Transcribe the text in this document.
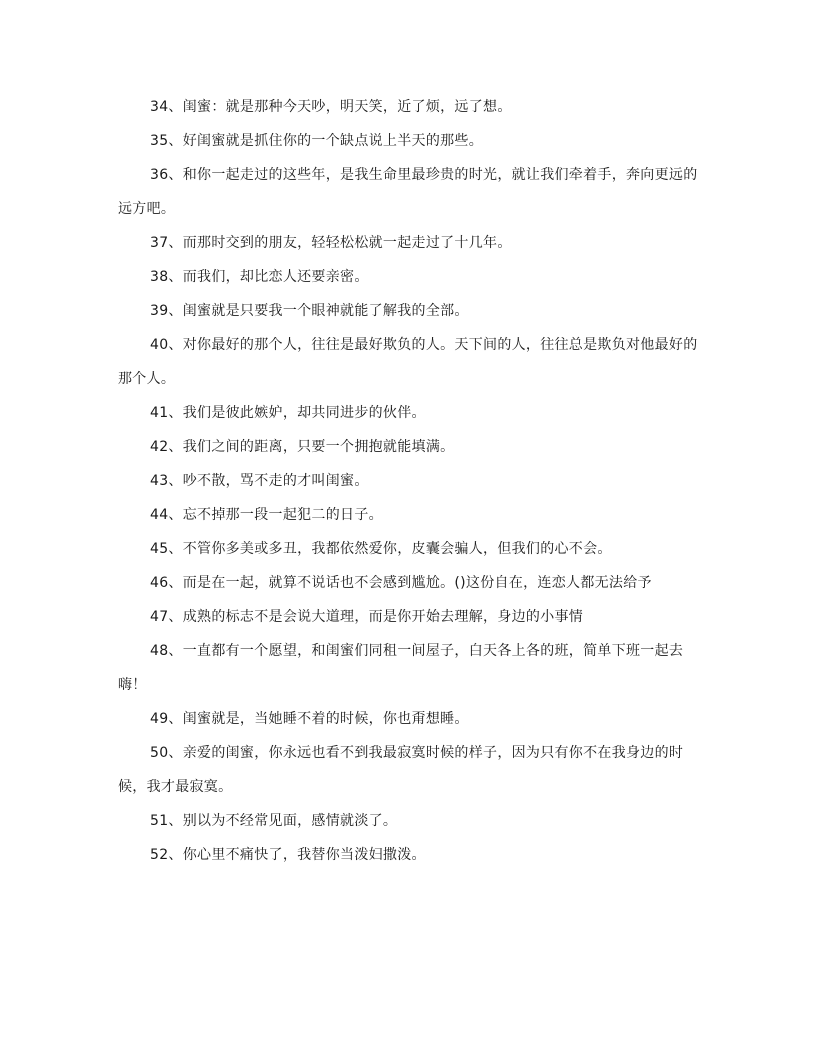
34、闺蜜：就是那种今天吵，明天笑，近了烦，远了想。

35、好闺蜜就是抓住你的一个缺点说上半天的那些。

36、和你一起走过的这些年，是我生命里最珍贵的时光，就让我们牵着手，奔向更远的远方吧。

37、而那时交到的朋友，轻轻松松就一起走过了十几年。

38、而我们，却比恋人还要亲密。

39、闺蜜就是只要我一个眼神就能了解我的全部。

40、对你最好的那个人，往往是最好欺负的人。天下间的人，往往总是欺负对他最好的那个人。

41、我们是彼此嫉妒，却共同进步的伙伴。

42、我们之间的距离，只要一个拥抱就能填满。

43、吵不散，骂不走的才叫闺蜜。

44、忘不掉那一段一起犯二的日子。

45、不管你多美或多丑，我都依然爱你，皮囊会骗人，但我们的心不会。

46、而是在一起，就算不说话也不会感到尴尬。()这份自在，连恋人都无法给予

47、成熟的标志不是会说大道理，而是你开始去理解，身边的小事情

48、一直都有一个愿望，和闺蜜们同租一间屋子，白天各上各的班，简单下班一起去嗨！

49、闺蜜就是，当她睡不着的时候，你也甭想睡。

50、亲爱的闺蜜，你永远也看不到我最寂寞时候的样子，因为只有你不在我身边的时候，我才最寂寞。

51、别以为不经常见面，感情就淡了。

52、你心里不痛快了，我替你当泼妇撒泼。
